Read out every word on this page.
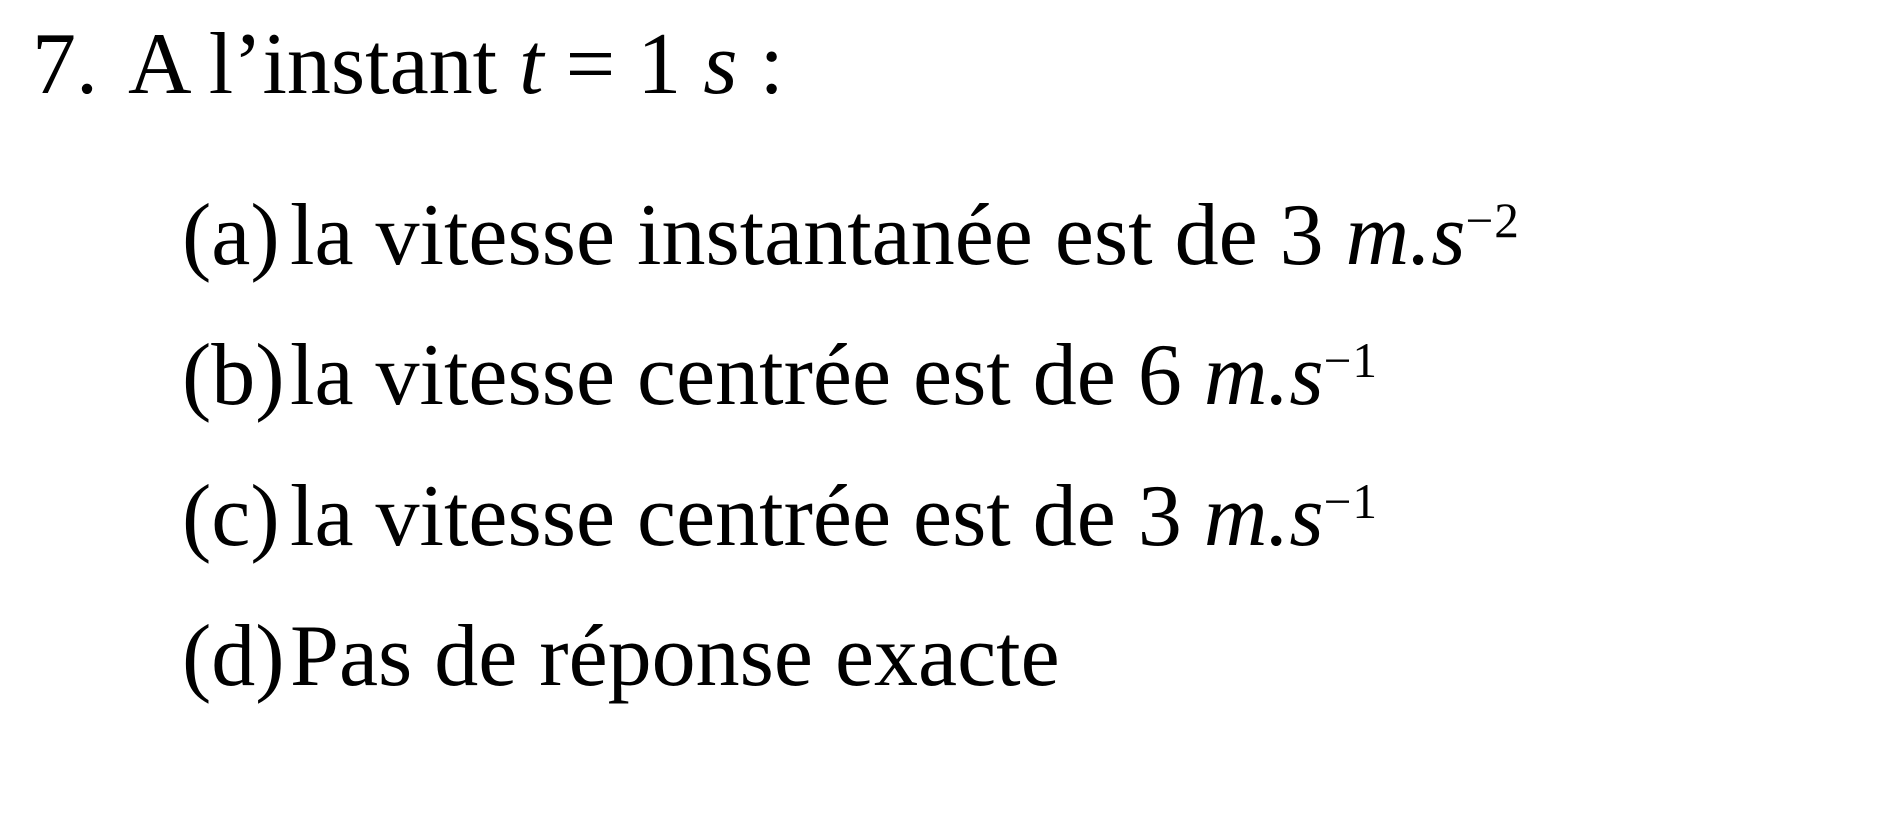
7. A l’instant t = 1 s :
(a) la vitesse instantanée est de 3 $m.s^{-2}$
(b) la vitesse centrée est de 6 $m.s^{-1}$
(c) la vitesse centrée est de 3 $m.s^{-1}$
(d) Pas de réponse exacte
